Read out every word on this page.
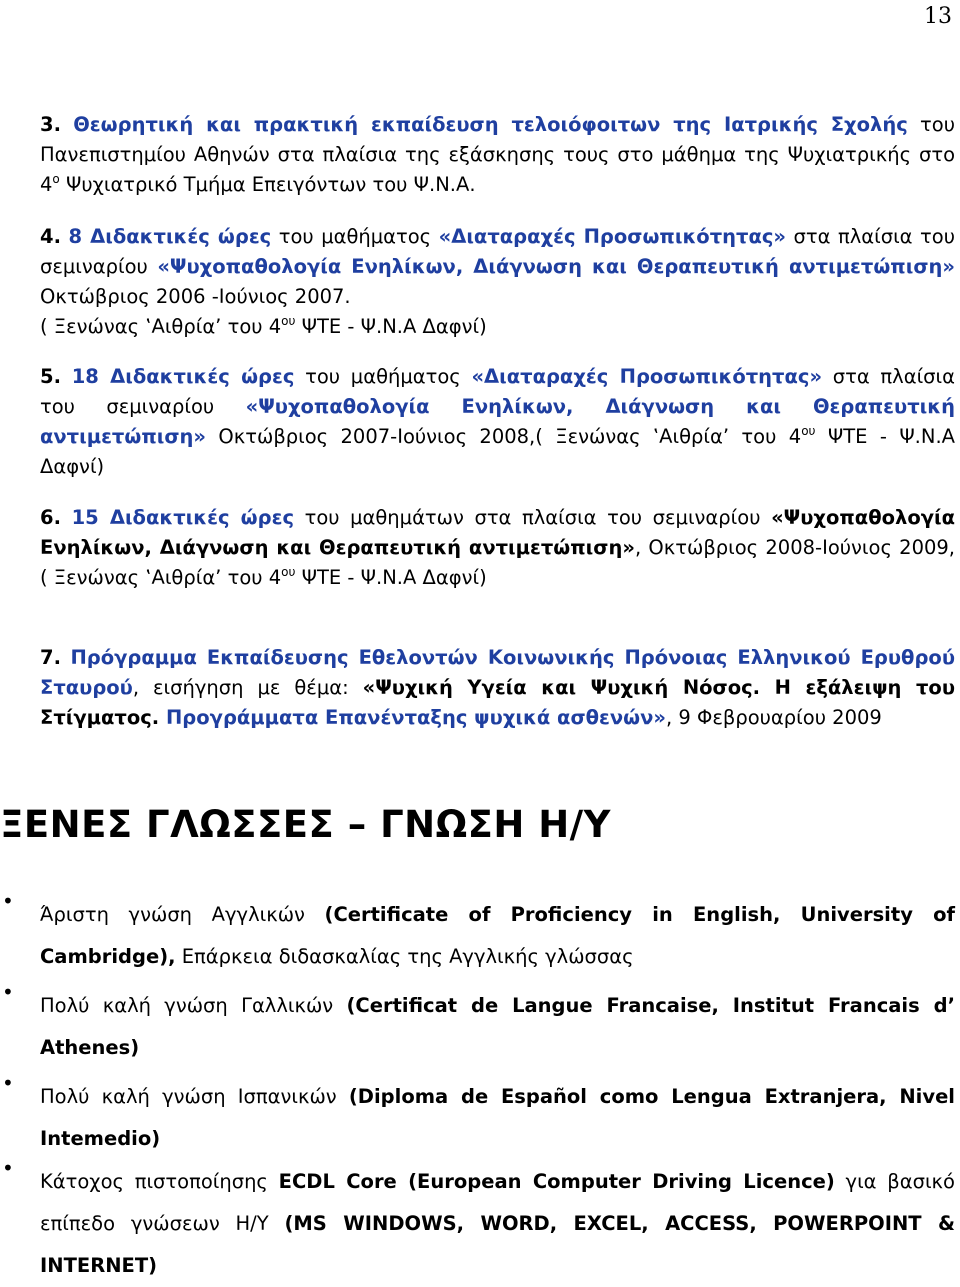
13
3. Θεωρητική και πρακτική εκπαίδευση τελοιόφοιτων της Ιατρικής Σχολής του Πανεπιστημίου Αθηνών στα πλαίσια της εξάσκησης τους στο μάθημα της Ψυχιατρικής στο $4^o$ Ψυχιατρικό Τμήμα Επειγόντων του Ψ.Ν.Α.
4. 8 Διδακτικές ώρες του μαθήματος «Διαταραχές Προσωπικότητας» στα πλαίσια του σεμιναρίου «Ψυχοπαθολογία Ενηλίκων, Διάγνωση και Θεραπευτική αντιμετώπιση» Οκτώβριος 2006 -Ιούνιος 2007.
( Ξενώνας ‛Αιθρία’ του $4^{o\upsilon}$ ΨΤΕ - Ψ.Ν.Α Δαφνί)
5. 18 Διδακτικές ώρες του μαθήματος «Διαταραχές Προσωπικότητας» στα πλαίσια του σεμιναρίου «Ψυχοπαθολογία Ενηλίκων, Διάγνωση και Θεραπευτική αντιμετώπιση» Οκτώβριος 2007-Ιούνιος 2008,( Ξενώνας ‛Αιθρία’ του $4^{o\upsilon}$ ΨΤΕ - Ψ.Ν.Α Δαφνί)
6. 15 Διδακτικές ώρες του μαθημάτων στα πλαίσια του σεμιναρίου «Ψυχοπαθολογία Ενηλίκων, Διάγνωση και Θεραπευτική αντιμετώπιση», Οκτώβριος 2008-Ιούνιος 2009,( Ξενώνας ‛Αιθρία’ του $4^{o\upsilon}$ ΨΤΕ - Ψ.Ν.Α Δαφνί)
7. Πρόγραμμα Εκπαίδευσης Εθελοντών Κοινωνικής Πρόνοιας Ελληνικού Ερυθρού Σταυρού, εισήγηση με θέμα: «Ψυχική Υγεία και Ψυχική Νόσος. Η εξάλειψη του Στίγματος. Προγράμματα Επανένταξης ψυχικά ασθενών», 9 Φεβρουαρίου 2009
ΞΕΝΕΣ ΓΛΩΣΣΕΣ – ΓΝΩΣΗ Η/Υ
•
Άριστη γνώση Αγγλικών (Certificate of Proficiency in English, University of Cambridge), Επάρκεια διδασκαλίας της Αγγλικής γλώσσας
•
Πολύ καλή γνώση Γαλλικών (Certificat de Langue Francaise, Institut Francais d’ Athenes)
•
Πολύ καλή γνώση Ισπανικών (Diploma de Español como Lengua Extranjera, Nivel Intemedio)
•
Κάτοχος πιστοποίησης ECDL Core (European Computer Driving Licence) για βασικό επίπεδο γνώσεων Η/Υ (MS WINDOWS, WORD, EXCEL, ACCESS, POWERPOINT & INTERNET)
